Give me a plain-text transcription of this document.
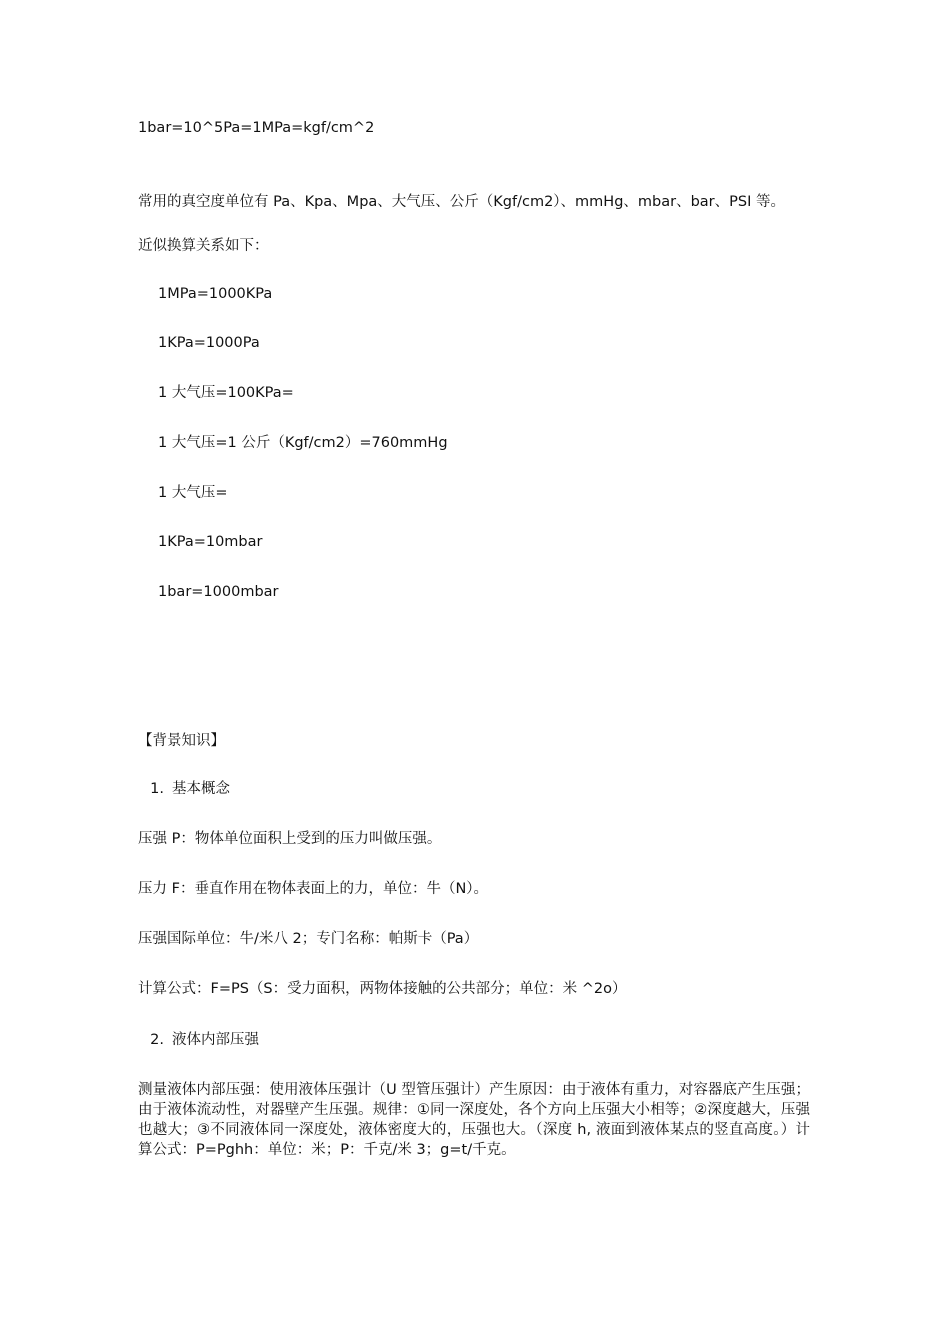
1bar=10^5Pa=1MPa=kgf/cm^2
常用的真空度单位有 Pa、Kpa、Mpa、大气压、公斤（Kgf/cm2）、mmHg、mbar、bar、PSI 等。
近似换算关系如下：
1MPa=1000KPa
1KPa=1000Pa
1 大气压=100KPa=
1 大气压=1 公斤（Kgf/cm2）=760mmHg
1 大气压=
1KPa=10mbar
1bar=1000mbar
【背景知识】
1. 基本概念
压强 P：物体单位面积上受到的压力叫做压强。
压力 F：垂直作用在物体表面上的力，单位：牛（N）。
压强国际单位：牛/米八 2；专门名称：帕斯卡（Pa）
计算公式：F=PS（S：受力面积，两物体接触的公共部分；单位：米 ^2o）
2. 液体内部压强
测量液体内部压强：使用液体压强计（U 型管压强计）产生原因：由于液体有重力，对容器底产生压强；由于液体流动性，对器壁产生压强。规律：①同一深度处，各个方向上压强大小相等；②深度越大，压强也越大；③不同液体同一深度处，液体密度大的，压强也大。（深度 h, 液面到液体某点的竖直高度。）计算公式：P=Pghh：单位：米；P：千克/米 3；g=t/千克。
